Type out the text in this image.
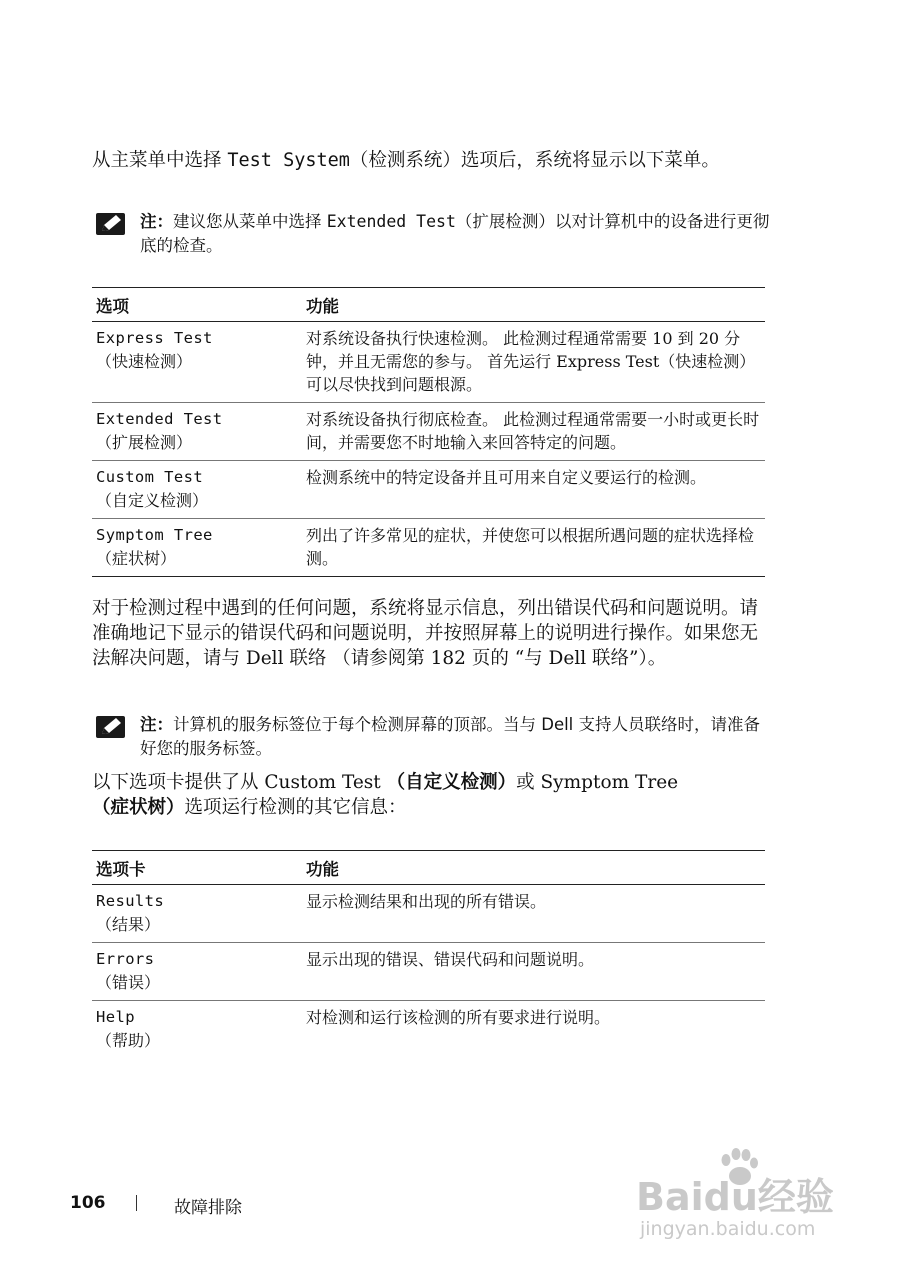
从主菜单中选择 Test System（检测系统）选项后，系统将显示以下菜单。
注：建议您从菜单中选择 Extended Test（扩展检测）以对计算机中的设备进行更彻底的检查。
选项	功能

Express Test
（快速检测）	对系统设备执行快速检测。 此检测过程通常需要 10 到 20 分钟，并且无需您的参与。 首先运行 Express Test（快速检测）可以尽快找到问题根源。

Extended Test
（扩展检测）	对系统设备执行彻底检查。 此检测过程通常需要一小时或更长时间，并需要您不时地输入来回答特定的问题。

Custom Test
（自定义检测）	检测系统中的特定设备并且可用来自定义要运行的检测。

Symptom Tree
（症状树）	列出了许多常见的症状，并使您可以根据所遇问题的症状选择检测。
对于检测过程中遇到的任何问题，系统将显示信息，列出错误代码和问题说明。请准确地记下显示的错误代码和问题说明，并按照屏幕上的说明进行操作。如果您无法解决问题，请与 Dell 联络 （请参阅第 182 页的 “与 Dell 联络”）。
注：计算机的服务标签位于每个检测屏幕的顶部。当与 Dell 支持人员联络时，请准备好您的服务标签。
以下选项卡提供了从 Custom Test （自定义检测）或 Symptom Tree （症状树）选项运行检测的其它信息：
选项卡	功能

Results
（结果）	显示检测结果和出现的所有错误。

Errors
（错误）	显示出现的错误、错误代码和问题说明。

Help
（帮助）	对检测和运行该检测的所有要求进行说明。
106	故障排除	Baidu经验
jingyan.baidu.com
